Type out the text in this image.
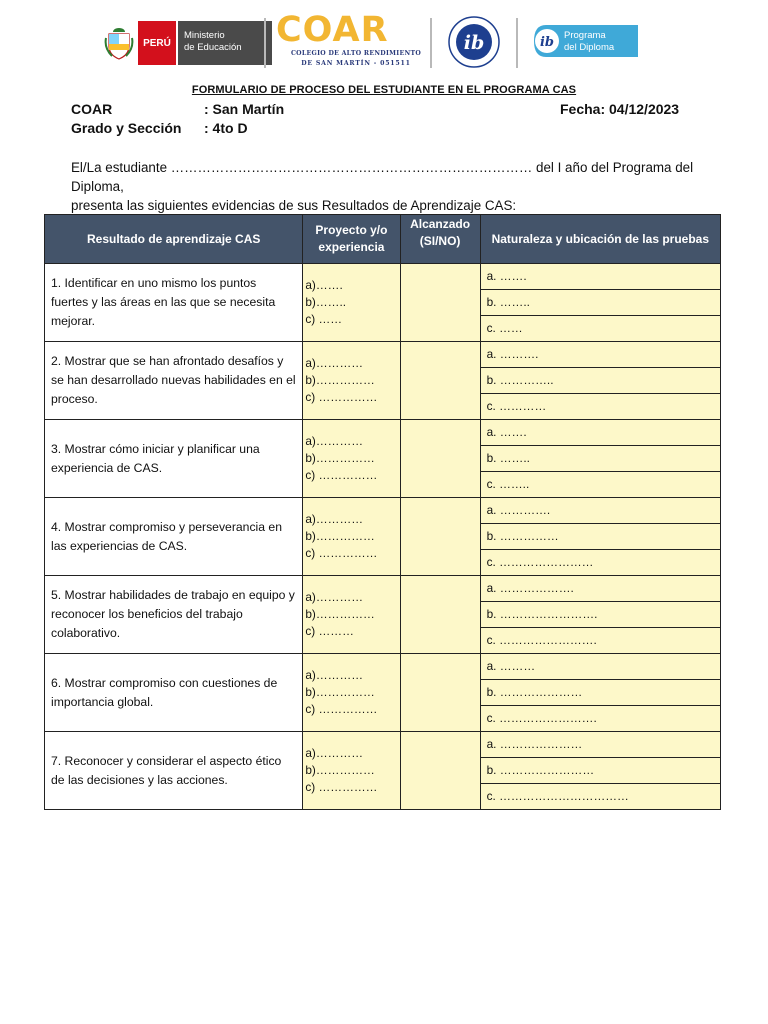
PERÚ
Ministerio
de Educación COAR
COLEGIO DE ALTO RENDIMIENTO
DE SAN MARTÍN - 051511
ib	ib Programa
del Diploma
FORMULARIO DE PROCESO DEL ESTUDIANTE EN EL PROGRAMA CAS
COAR	: San Martín	Fecha: 04/12/2023
Grado y Sección : 4to D
El/La estudiante ……………………………………………………………………… del I año del Programa del Diploma,
presenta las siguientes evidencias de sus Resultados de Aprendizaje CAS:
Resultado de aprendizaje CAS	Proyecto y/o experiencia	Alcanzado (SI/NO)	Naturaleza y ubicación de las pruebas
1. Identificar en uno mismo los puntos fuertes y las áreas en las que se necesita mejorar.	a)…….
b)……..
c) ……		a. …….
			b. ……..
			c. ……
2. Mostrar que se han afrontado desafíos y se han desarrollado nuevas habilidades en el proceso.	a)…………
b)……………
c) ……………		a. ……….
			b. …………..
			c. …………
3. Mostrar cómo iniciar y planificar una experiencia de CAS.	a)…………
b)……………
c) ……………		a. …….
			b. ……..
			c. ……..
4. Mostrar compromiso y perseverancia en las experiencias de CAS.	a)…………
b)……………
c) ……………		a. ………….
			b. ……………
			c. ……………………
5. Mostrar habilidades de trabajo en equipo y reconocer los beneficios del trabajo colaborativo.	a)…………
b)……………
c) ………		a. ……………….
			b. …………………….
			c. …………………….
6. Mostrar compromiso con cuestiones de importancia global.	a)…………
b)……………
c) ……………		a. ………
			b. …………………
			c. …………………….
7. Reconocer y considerar el aspecto ético de las decisiones y las acciones.	a)…………
b)……………
c) ……………		a. …………………
			b. ……………………
			c. ……………………………
